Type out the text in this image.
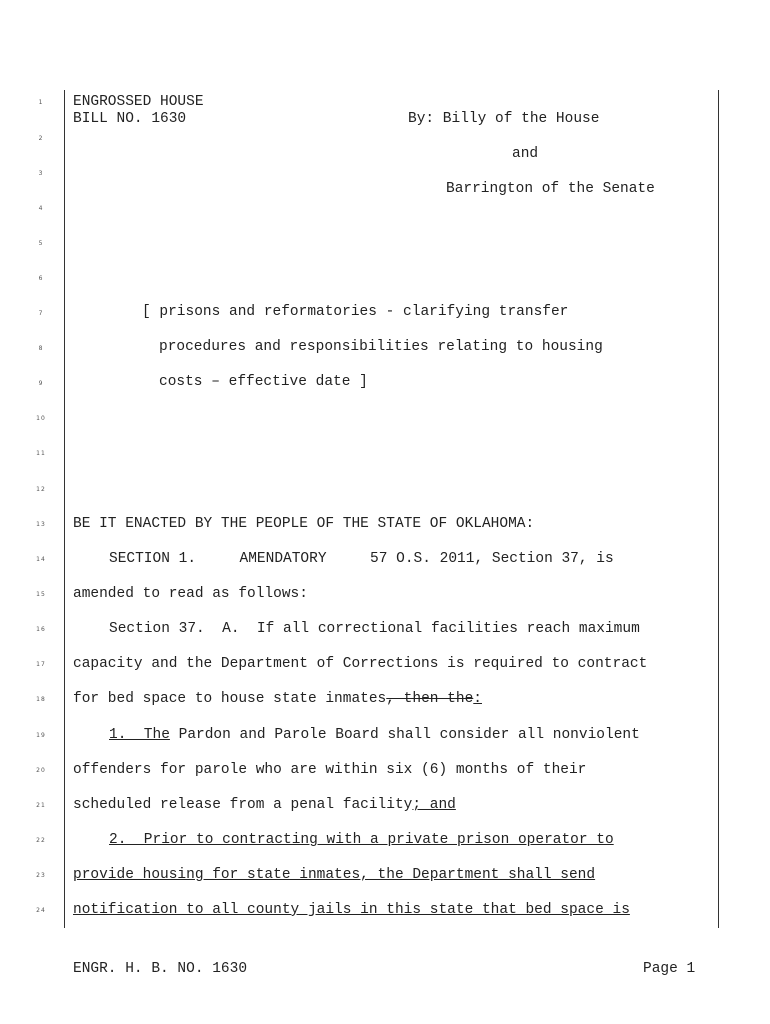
1
2
3
4
5
6
7
8
9
10
11
12
13
14
15
16
17
18
19
20
21
22
23
24
ENGROSSED HOUSE
BILL NO. 1630	By: Billy of the House
and
Barrington of the Senate
[ prisons and reformatories - clarifying transfer
procedures and responsibilities relating to housing
costs – effective date ]
BE IT ENACTED BY THE PEOPLE OF THE STATE OF OKLAHOMA:
SECTION 1.     AMENDATORY     57 O.S. 2011, Section 37, is
amended to read as follows:
Section 37.  A.  If all correctional facilities reach maximum
capacity and the Department of Corrections is required to contract
for bed space to house state inmates, then the:
1.  The Pardon and Parole Board shall consider all nonviolent
offenders for parole who are within six (6) months of their
scheduled release from a penal facility; and
2.  Prior to contracting with a private prison operator to
provide housing for state inmates, the Department shall send
notification to all county jails in this state that bed space is
ENGR. H. B. NO. 1630	Page 1
